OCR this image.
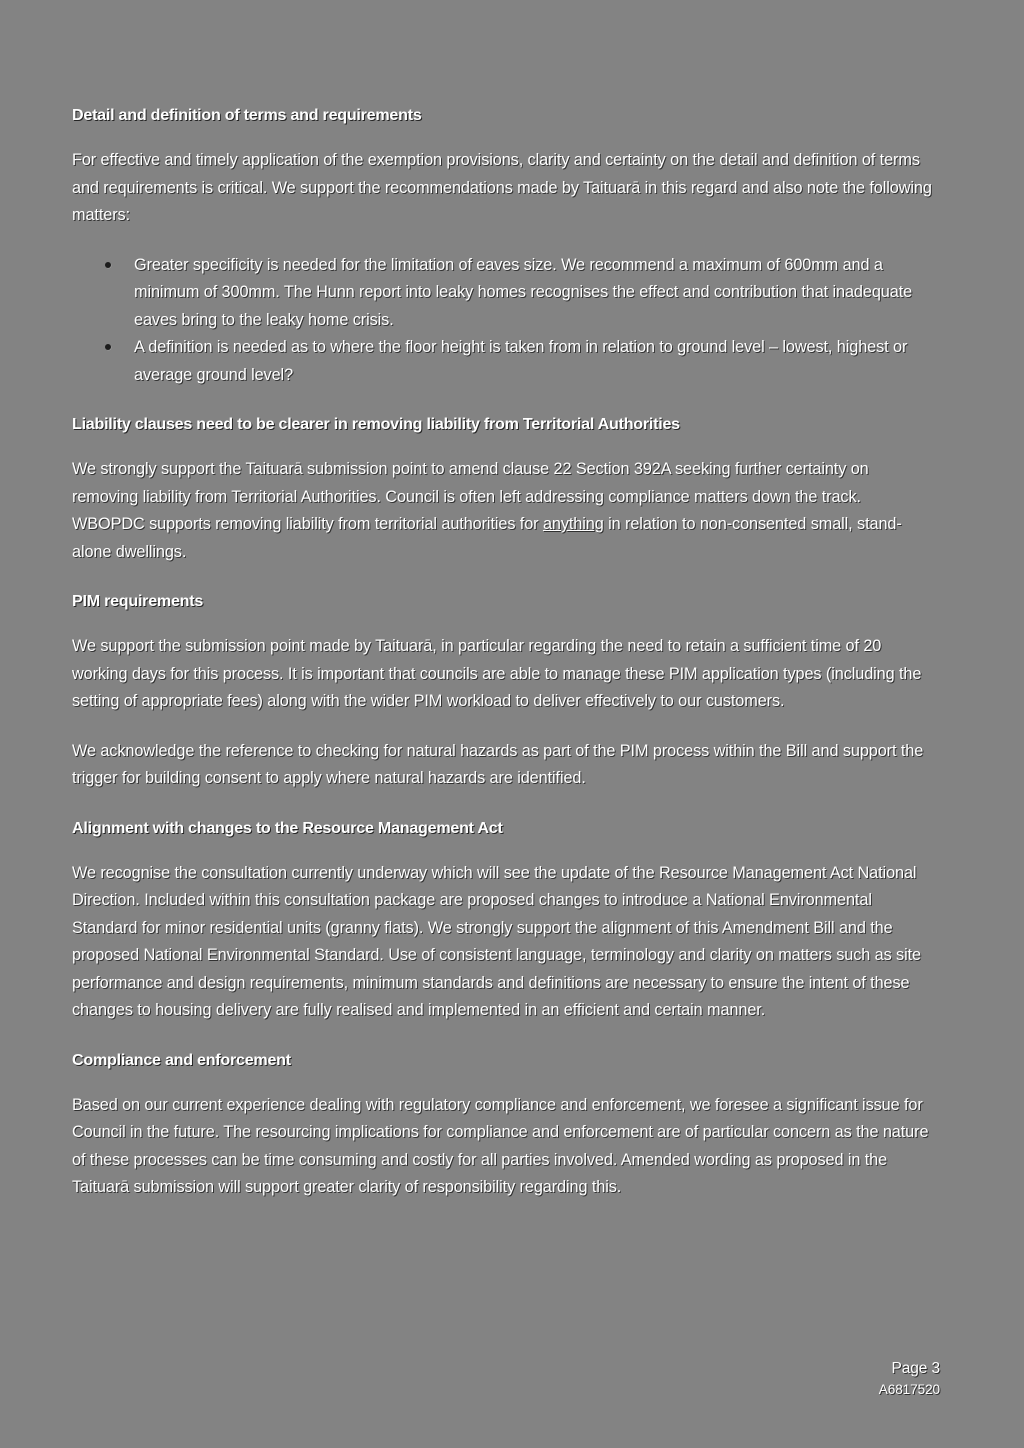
Detail and definition of terms and requirements

For effective and timely application of the exemption provisions, clarity and certainty on the detail and definition of terms and requirements is critical. We support the recommendations made by Taituarā in this regard and also note the following matters:

Greater specificity is needed for the limitation of eaves size. We recommend a maximum of 600mm and a minimum of 300mm. The Hunn report into leaky homes recognises the effect and contribution that inadequate eaves bring to the leaky home crisis.
A definition is needed as to where the floor height is taken from in relation to ground level – lowest, highest or average ground level?
Liability clauses need to be clearer in removing liability from Territorial Authorities

We strongly support the Taituarā submission point to amend clause 22 Section 392A seeking further certainty on removing liability from Territorial Authorities. Council is often left addressing compliance matters down the track. WBOPDC supports removing liability from territorial authorities for anything in relation to non-consented small, stand-alone dwellings.

PIM requirements

We support the submission point made by Taituarā, in particular regarding the need to retain a sufficient time of 20 working days for this process. It is important that councils are able to manage these PIM application types (including the setting of appropriate fees) along with the wider PIM workload to deliver effectively to our customers.

We acknowledge the reference to checking for natural hazards as part of the PIM process within the Bill and support the trigger for building consent to apply where natural hazards are identified.

Alignment with changes to the Resource Management Act

We recognise the consultation currently underway which will see the update of the Resource Management Act National Direction. Included within this consultation package are proposed changes to introduce a National Environmental Standard for minor residential units (granny flats). We strongly support the alignment of this Amendment Bill and the proposed National Environmental Standard. Use of consistent language, terminology and clarity on matters such as site performance and design requirements, minimum standards and definitions are necessary to ensure the intent of these changes to housing delivery are fully realised and implemented in an efficient and certain manner.

Compliance and enforcement

Based on our current experience dealing with regulatory compliance and enforcement, we foresee a significant issue for Council in the future. The resourcing implications for compliance and enforcement are of particular concern as the nature of these processes can be time consuming and costly for all parties involved. Amended wording as proposed in the Taituarā submission will support greater clarity of responsibility regarding this.

Page 3
A6817520
